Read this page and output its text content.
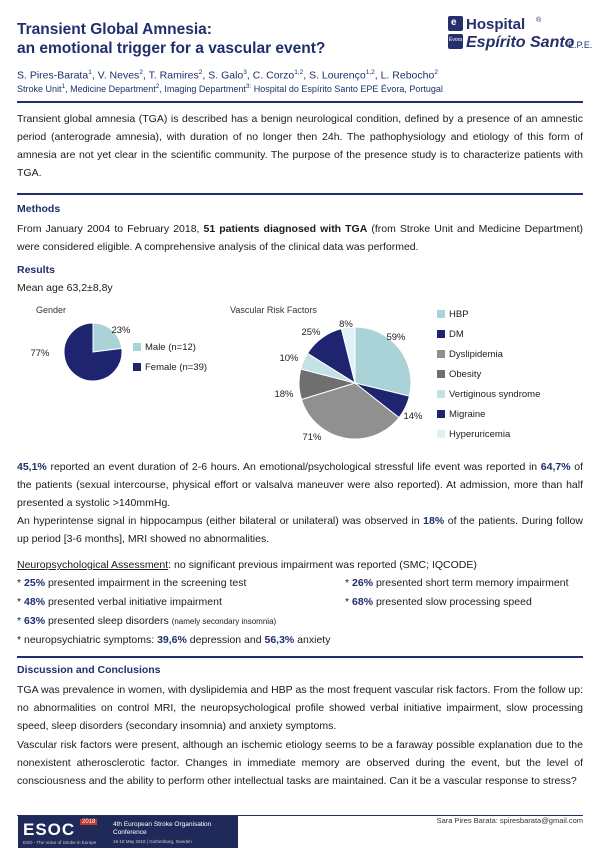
Transient Global Amnesia:
an emotional trigger for a vascular event?
e
Évora
Hospital ®
Espírito Santo
E.P.E.
S. Pires-Barata$^1$, V. Neves$^2$, T. Ramires$^2$, S. Galo$^3$, C. Corzo$^{1,2}$, S. Lourenço$^{1,2}$, L. Rebocho$^2$
Stroke Unit$^1$, Medicine Department$^2$, Imaging Department$^{3:}$ Hospital do Espírito Santo EPE Évora, Portugal
Transient global amnesia (TGA) is described has a benign neurological condition, defined by a presence of an amnestic period (anterograde amnesia), with duration of no longer then 24h. The pathophysiology and etiology of this form of amnesia are not yet clear in the scientific community. The purpose of the presence study is to characterize patients with TGA.
Methods
From January 2004 to February 2018, 51 patients diagnosed with TGA (from Stroke Unit and Medicine Department) were considered eligible. A comprehensive analysis of the clinical data was performed.
Results
Mean age 63,2±8,8y
Gender
23%
77%
Male (n=12)
Female (n=39)
Vascular Risk Factors
59%
14%
71%
18%
10%
25%
8%
HBP
DM
Dyslipidemia
Obesity
Vertiginous syndrome
Migraine
Hyperuricemia
45,1% reported an event duration of 2-6 hours. An emotional/psychological stressful life event was reported in 64,7% of the patients (sexual intercourse, physical effort or valsalva maneuver were also reported). At admission, more than half presented a systolic >140mmHg.
An hyperintense signal in hippocampus (either bilateral or unilateral) was observed in 18% of the patients. During follow up period [3-6 months], MRI showed no abnormalities.
Neuropsychological Assessment: no significant previous impairment was reported (SMC; IQCODE)
* 25% presented impairment in the screening test	* 26% presented short term memory impairment
* 48% presented verbal initiative impairment	* 68% presented slow processing speed
* 63% presented sleep disorders (namely secondary insomnia)
* neuropsychiatric symptoms: 39,6% depression and 56,3% anxiety
Discussion and Conclusions
TGA was prevalence in women, with dyslipidemia and HBP as the most frequent vascular risk factors. From the follow up: no abnormalities on control MRI, the neuropsychological profile showed verbal initiative impairment, slow processing speed, sleep disorders (secondary insomnia) and anxiety symptoms.
Vascular risk factors were present, although an ischemic etiology seems to be a faraway possible explanation due to the nonexistent atherosclerotic factor. Changes in immediate memory are observed during the event, but the level of consciousness and the ability to perform other intellectual tasks are maintained. Can it be a vascular response to stress?
ESOC	2018	4th European Stroke Organisation Conference
ESO - The Voice of Stroke in Europe	16-18 May 2018 | Gothenburg, Sweden
Sara Pires Barata: spiresbarata@gmail.com
